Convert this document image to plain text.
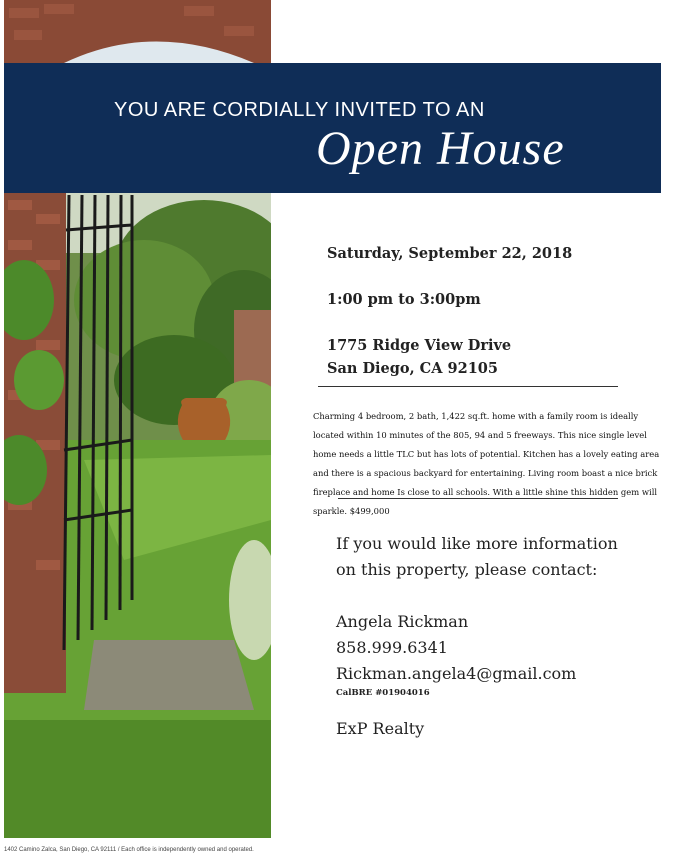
YOU ARE CORDIALLY INVITED TO AN
Open House
Saturday, September 22, 2018
1:00 pm to 3:00pm
1775 Ridge View Drive
San Diego, CA 92105
Charming 4 bedroom, 2 bath, 1,422 sq.ft. home with a family room is ideally located within 10 minutes of the 805, 94 and 5 freeways. This nice single level home needs a little TLC but has lots of potential. Kitchen has a lovely eating area and there is a spacious backyard for entertaining. Living room boast a nice brick fireplace and home Is close to all schools. With a little shine this hidden gem will sparkle. $499,000
If you would like more information
on this property, please contact:
Angela Rickman
858.999.6341
Rickman.angela4@gmail.com
CalBRE #01904016
ExP Realty
1402 Camino Zalca, San Diego, CA 92111 / Each office is independently owned and operated.
